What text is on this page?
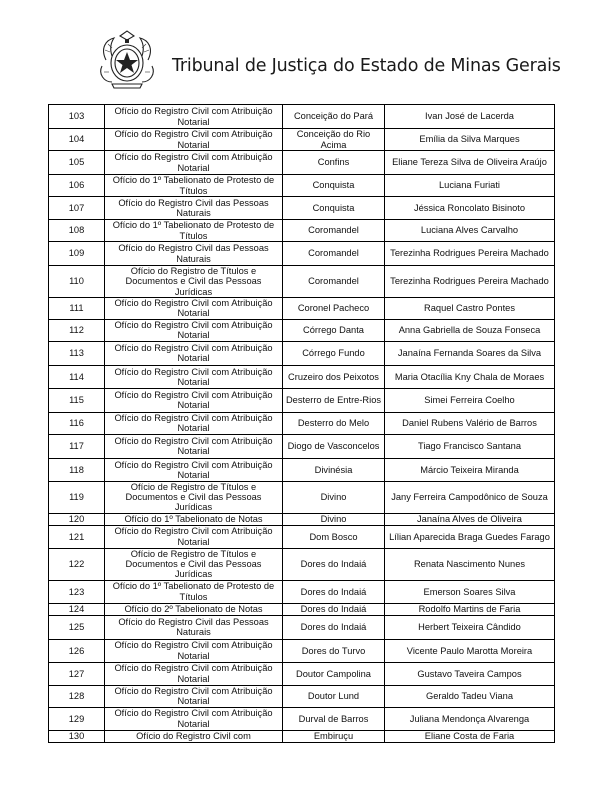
Tribunal de Justiça do Estado de Minas Gerais
103	Ofício do Registro Civil com Atribuição Notarial	Conceição do Pará	Ivan José de Lacerda
104	Ofício do Registro Civil com Atribuição Notarial	Conceição do Rio Acima	Emília da Silva Marques
105	Ofício do Registro Civil com Atribuição Notarial	Confins	Eliane Tereza Silva de Oliveira Araújo
106	Ofício do 1º Tabelionato de Protesto de Títulos	Conquista	Luciana Furiati
107	Ofício do Registro Civil das Pessoas Naturais	Conquista	Jéssica Roncolato Bisinoto
108	Ofício do 1º Tabelionato de Protesto de Títulos	Coromandel	Luciana Alves Carvalho
109	Ofício do Registro Civil das Pessoas Naturais	Coromandel	Terezinha Rodrigues Pereira Machado
110	Ofício do Registro de Títulos e Documentos e Civil das Pessoas Jurídicas	Coromandel	Terezinha Rodrigues Pereira Machado
111	Ofício do Registro Civil com Atribuição Notarial	Coronel Pacheco	Raquel Castro Pontes
112	Ofício do Registro Civil com Atribuição Notarial	Córrego Danta	Anna Gabriella de Souza Fonseca
113	Ofício do Registro Civil com Atribuição Notarial	Córrego Fundo	Janaína Fernanda Soares da Silva
114	Ofício do Registro Civil com Atribuição Notarial	Cruzeiro dos Peixotos	Maria Otacília Kny Chala de Moraes
115	Ofício do Registro Civil com Atribuição Notarial	Desterro de Entre-Rios	Simei Ferreira Coelho
116	Ofício do Registro Civil com Atribuição Notarial	Desterro do Melo	Daniel Rubens Valério de Barros
117	Ofício do Registro Civil com Atribuição Notarial	Diogo de Vasconcelos	Tiago Francisco Santana
118	Ofício do Registro Civil com Atribuição Notarial	Divinésia	Márcio Teixeira Miranda
119	Ofício de Registro de Títulos e Documentos e Civil das Pessoas Jurídicas	Divino	Jany Ferreira Campodônico de Souza
120	Ofício do 1º Tabelionato de Notas	Divino	Janaína Alves de Oliveira
121	Ofício do Registro Civil com Atribuição Notarial	Dom Bosco	Lílian Aparecida Braga Guedes Farago
122	Ofício de Registro de Títulos e Documentos e Civil das Pessoas Jurídicas	Dores do Indaiá	Renata Nascimento Nunes
123	Ofício do 1º Tabelionato de Protesto de Títulos	Dores do Indaiá	Emerson Soares Silva
124	Ofício do 2º Tabelionato de Notas	Dores do Indaiá	Rodolfo Martins de Faria
125	Ofício do Registro Civil das Pessoas Naturais	Dores do Indaiá	Herbert Teixeira Cândido
126	Ofício do Registro Civil com Atribuição Notarial	Dores do Turvo	Vicente Paulo Marotta Moreira
127	Ofício do Registro Civil com Atribuição Notarial	Doutor Campolina	Gustavo Taveira Campos
128	Ofício do Registro Civil com Atribuição Notarial	Doutor Lund	Geraldo Tadeu Viana
129	Ofício do Registro Civil com Atribuição Notarial	Durval de Barros	Juliana Mendonça Alvarenga
130	Ofício do Registro Civil com	Embiruçu	Eliane Costa de Faria
